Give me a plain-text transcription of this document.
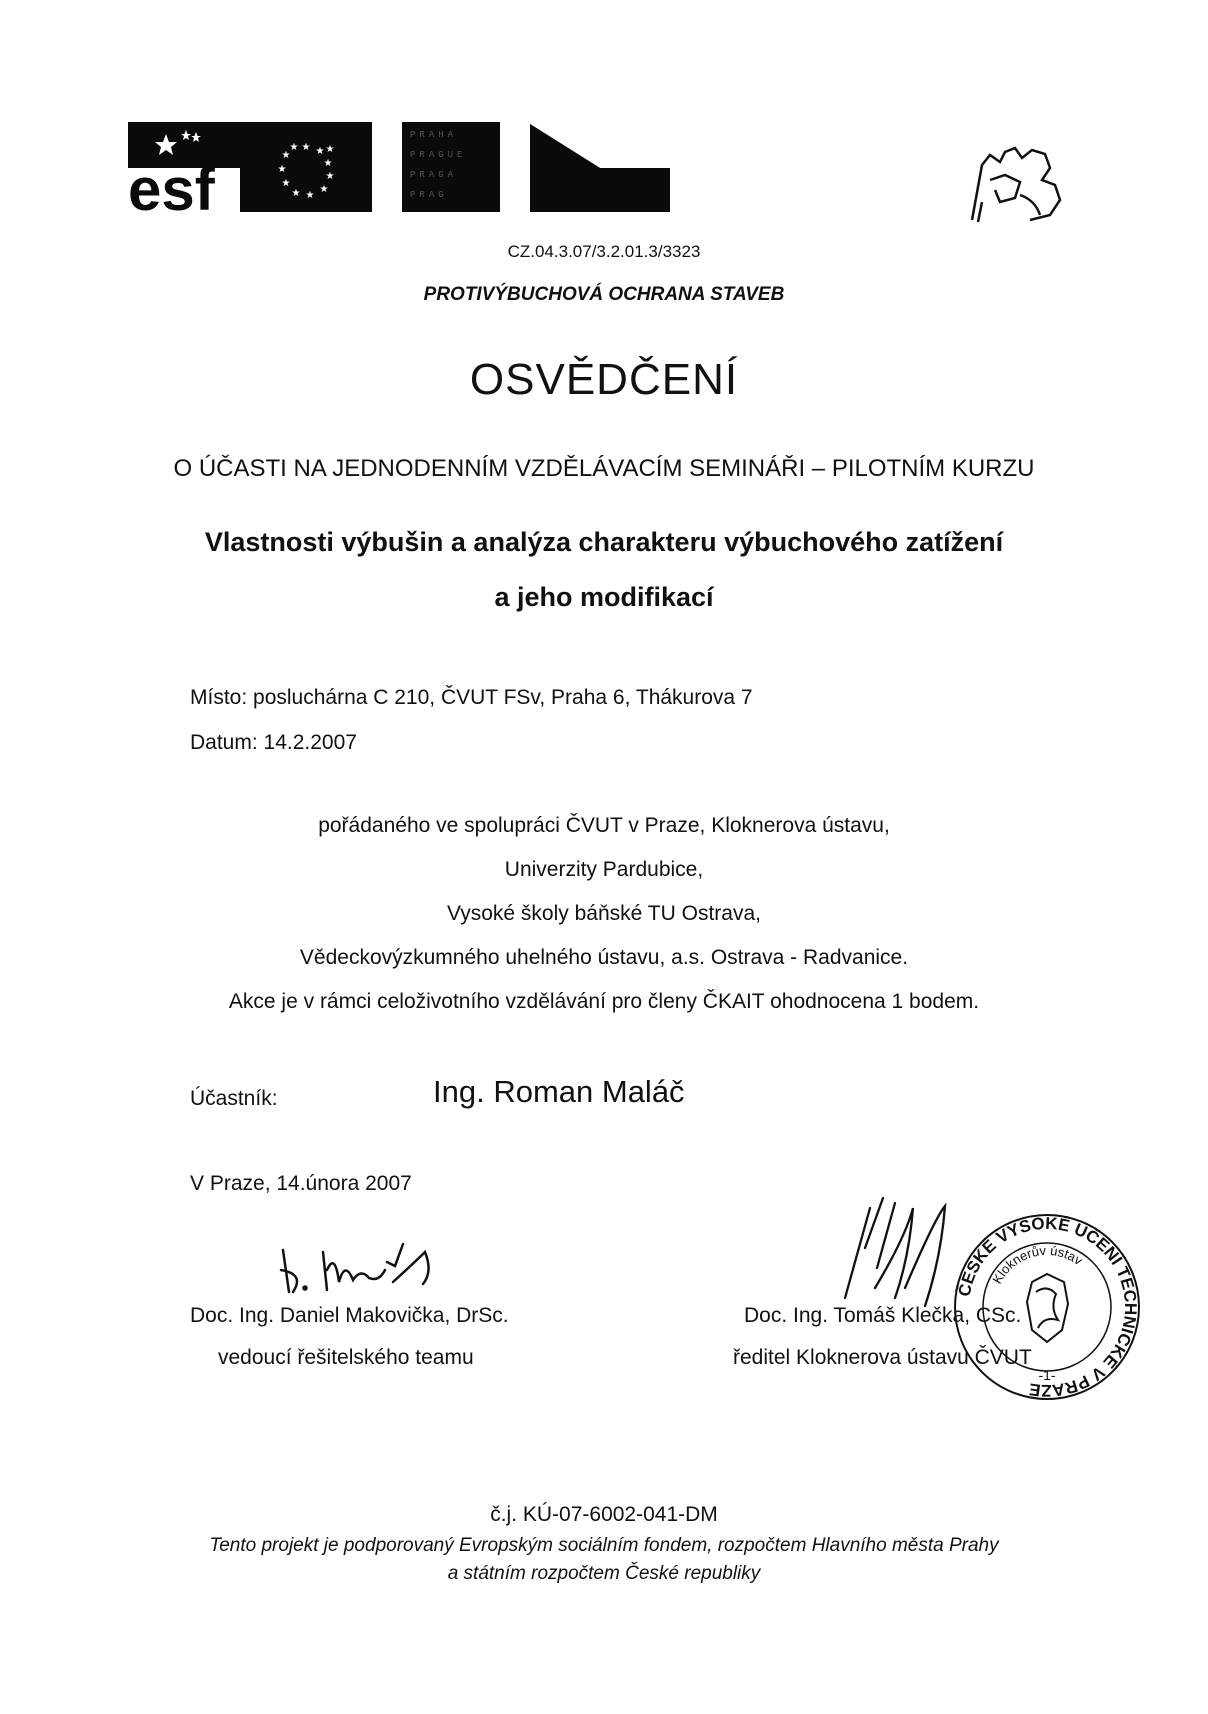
esf
★ ★
★
★
★
★
★
★
★
★
★	★
PRAHA
PRAGUE
PRAGA
PRAG
CZ.04.3.07/3.2.01.3/3323
PROTIVÝBUCHOVÁ OCHRANA STAVEB
OSVĚDČENÍ
O ÚČASTI NA JEDNODENNÍM VZDĚLÁVACÍM SEMINÁŘI – PILOTNÍM KURZU
Vlastnosti výbušin a analýza charakteru výbuchového zatížení
a jeho modifikací
Místo: posluchárna C 210, ČVUT FSv, Praha 6, Thákurova 7
Datum: 14.2.2007
pořádaného ve spolupráci ČVUT v Praze, Kloknerova ústavu,
Univerzity Pardubice,
Vysoké školy báňské TU Ostrava,
Vědeckovýzkumného uhelného ústavu, a.s. Ostrava - Radvanice.
Akce je v rámci celoživotního vzdělávání pro členy ČKAIT ohodnocena 1 bodem.
Účastník:	Ing. Roman Maláč
V Praze, 14.února 2007
ČESKÉ VYSOKÉ UČENÍ TECHNICKÉ V PRAZE
Kloknerův ústav
-1-
Doc. Ing. Daniel Makovička, DrSc.
vedoucí řešitelského teamu
Doc. Ing. Tomáš Klečka, CSc.
ředitel Kloknerova ústavu ČVUT
č.j. KÚ-07-6002-041-DM
Tento projekt je podporovaný Evropským sociálním fondem, rozpočtem Hlavního města Prahy
a státním rozpočtem České republiky
